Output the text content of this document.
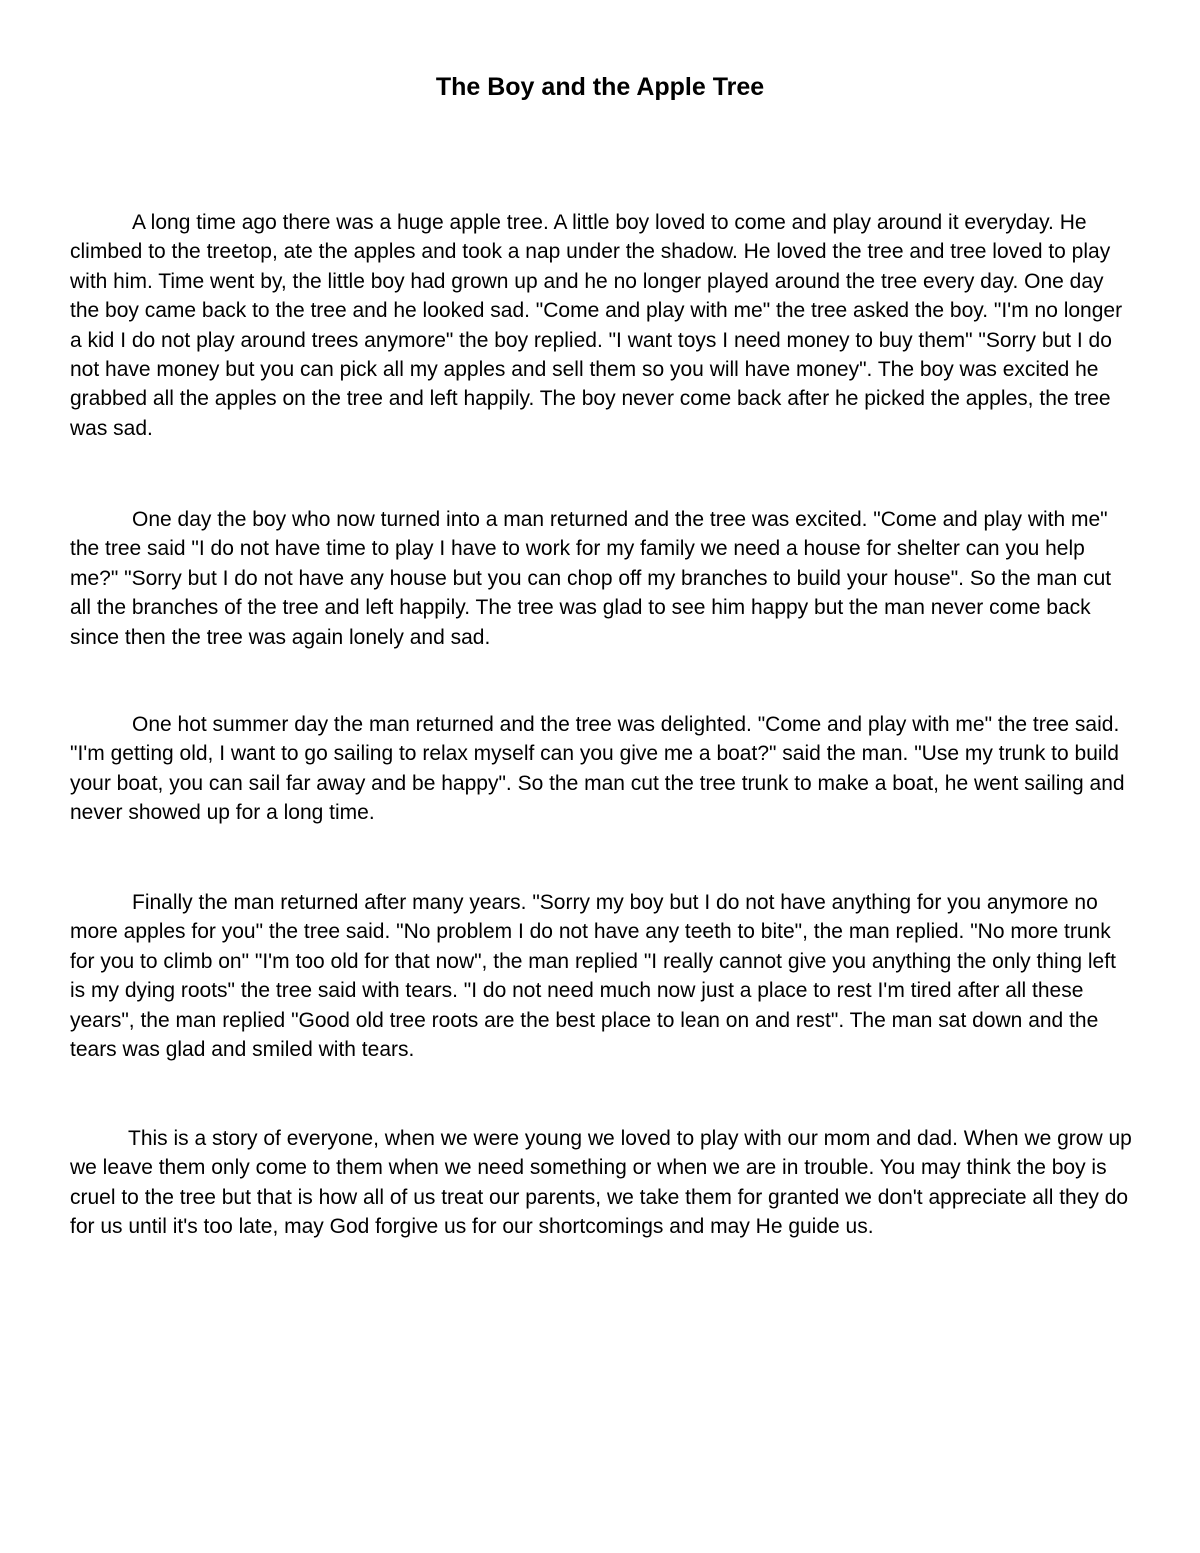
The Boy and the Apple Tree

A long time ago there was a huge apple tree. A little boy loved to come and play around it everyday. He climbed to the treetop, ate the apples and took a nap under the shadow. He loved the tree and tree loved to play with him. Time went by, the little boy had grown up and he no longer played around the tree every day. One day the boy came back to the tree and he looked sad. "Come and play with me" the tree asked the boy. "I'm no longer a kid I do not play around trees anymore" the boy replied. "I want toys I need money to buy them" "Sorry but I do not have money but you can pick all my apples and sell them so you will have money". The boy was excited he grabbed all the apples on the tree and left happily. The boy never come back after he picked the apples, the tree was sad.

One day the boy who now turned into a man returned and the tree was excited. "Come and play with me" the tree said "I do not have time to play I have to work for my family we need a house for shelter can you help me?" "Sorry but I do not have any house but you can chop off my branches to build your house". So the man cut all the branches of the tree and left happily. The tree was glad to see him happy but the man never come back since then the tree was again lonely and sad.

One hot summer day the man returned and the tree was delighted. "Come and play with me" the tree said. "I'm getting old, I want to go sailing to relax myself can you give me a boat?" said the man. "Use my trunk to build your boat, you can sail far away and be happy". So the man cut the tree trunk to make a boat, he went sailing and never showed up for a long time.

Finally the man returned after many years. "Sorry my boy but I do not have anything for you anymore no more apples for you" the tree said. "No problem I do not have any teeth to bite", the man replied. "No more trunk for you to climb on" "I'm too old for that now", the man replied "I really cannot give you anything the only thing left is my dying roots" the tree said with tears. "I do not need much now just a place to rest I'm tired after all these years", the man replied "Good old tree roots are the best place to lean on and rest". The man sat down and the tears was glad and smiled with tears.

This is a story of everyone, when we were young we loved to play with our mom and dad. When we grow up we leave them only come to them when we need something or when we are in trouble. You may think the boy is cruel to the tree but that is how all of us treat our parents, we take them for granted we don't appreciate all they do for us until it's too late, may God forgive us for our shortcomings and may He guide us.
